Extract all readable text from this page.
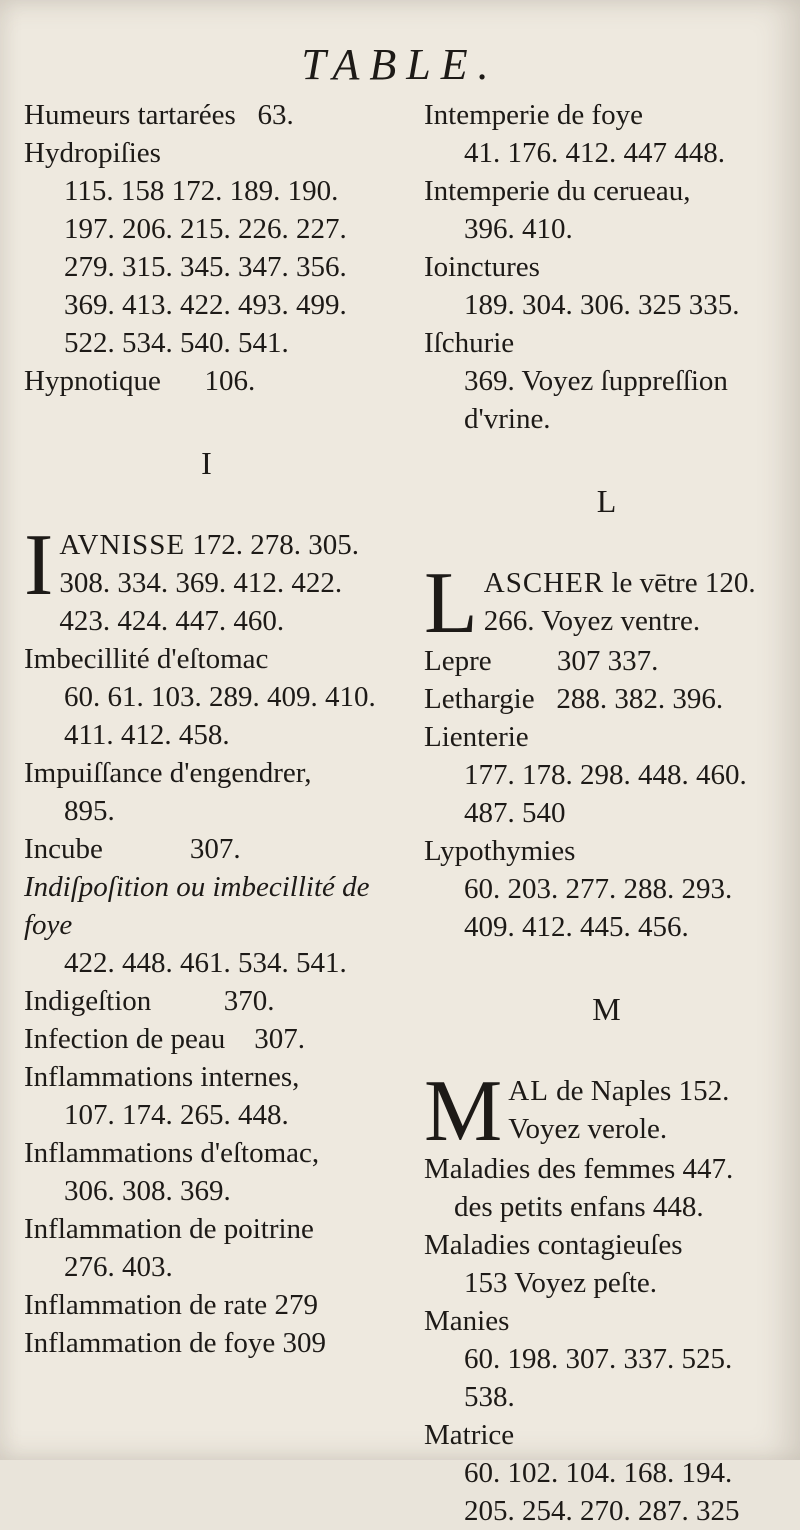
TABLE.

Humeurs tartarées 63.

Hydropiſies
115. 158 172. 189. 190. 197. 206. 215. 226. 227. 279. 315. 345. 347. 356. 369. 413. 422. 493. 499. 522. 534. 540. 541.

Hypnotique 106.

I
I AVNISSE 172. 278. 305. 308. 334. 369. 412. 422. 423. 424. 447. 460.

Imbecillité d'eſtomac
60. 61. 103. 289. 409. 410. 411. 412. 458.

Impuiſſance d'engendrer,
895.

Incube	307.

Indiſpoſition ou imbecillité de foye
422. 448. 461. 534. 541.

Indigeſtion	370.

Infection de peau 307.

Inflammations internes,
107. 174. 265. 448.

Inflammations d'eſtomac,
306. 308. 369.

Inflammation de poitrine
276. 403.

Inflammation de rate 279

Inflammation de foye 309

Intemperie de foye
41. 176. 412. 447 448.

Intemperie du cerueau,
396. 410.

Ioinctures
189. 304. 306. 325 335.

Iſchurie
369. Voyez ſuppreſſion d'vrine.

L
L ASCHER le vētre 120. 266. Voyez ventre.

Lepre 307 337.

Lethargie 288. 382. 396.

Lienterie
177. 178. 298. 448. 460. 487. 540

Lypothymies
60. 203. 277. 288. 293. 409. 412. 445. 456.

M
M AL de Naples 152. Voyez verole.

Maladies des femmes 447.

des petits enfans 448.

Maladies contagieuſes
153 Voyez peſte.

Manies
60. 198. 307. 337. 525. 538.

Matrice
60. 102. 104. 168. 194. 205. 254. 270. 287. 325
